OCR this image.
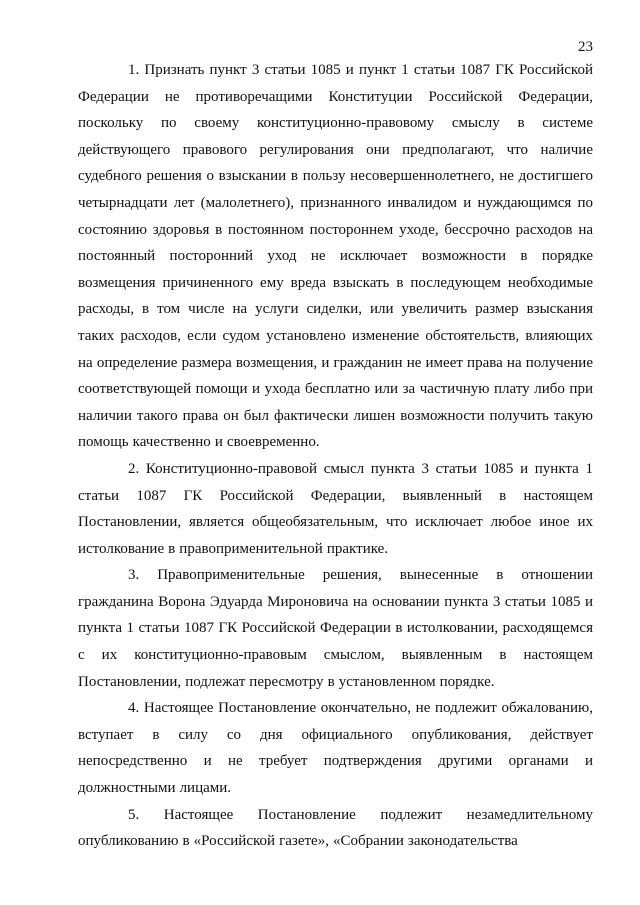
23

1. Признать пункт 3 статьи 1085 и пункт 1 статьи 1087 ГК Российской Федерации не противоречащими Конституции Российской Федерации, поскольку по своему конституционно-правовому смыслу в системе действующего правового регулирования они предполагают, что наличие судебного решения о взыскании в пользу несовершеннолетнего, не достигшего четырнадцати лет (малолетнего), признанного инвалидом и нуждающимся по состоянию здоровья в постоянном постороннем уходе, бессрочно расходов на постоянный посторонний уход не исключает возможности в порядке возмещения причиненного ему вреда взыскать в последующем необходимые расходы, в том числе на услуги сиделки, или увеличить размер взыскания таких расходов, если судом установлено изменение обстоятельств, влияющих на определение размера возмещения, и гражданин не имеет права на получение соответствующей помощи и ухода бесплатно или за частичную плату либо при наличии такого права он был фактически лишен возможности получить такую помощь качественно и своевременно.

2. Конституционно-правовой смысл пункта 3 статьи 1085 и пункта 1 статьи 1087 ГК Российской Федерации, выявленный в настоящем Постановлении, является общеобязательным, что исключает любое иное их истолкование в правоприменительной практике.

3. Правоприменительные решения, вынесенные в отношении гражданина Ворона Эдуарда Мироновича на основании пункта 3 статьи 1085 и пункта 1 статьи 1087 ГК Российской Федерации в истолковании, расходящемся с их конституционно-правовым смыслом, выявленным в настоящем Постановлении, подлежат пересмотру в установленном порядке.

4. Настоящее Постановление окончательно, не подлежит обжалованию, вступает в силу со дня официального опубликования, действует непосредственно и не требует подтверждения другими органами и должностными лицами.

5. Настоящее Постановление подлежит незамедлительному опубликованию в «Российской газете», «Собрании законодательства
